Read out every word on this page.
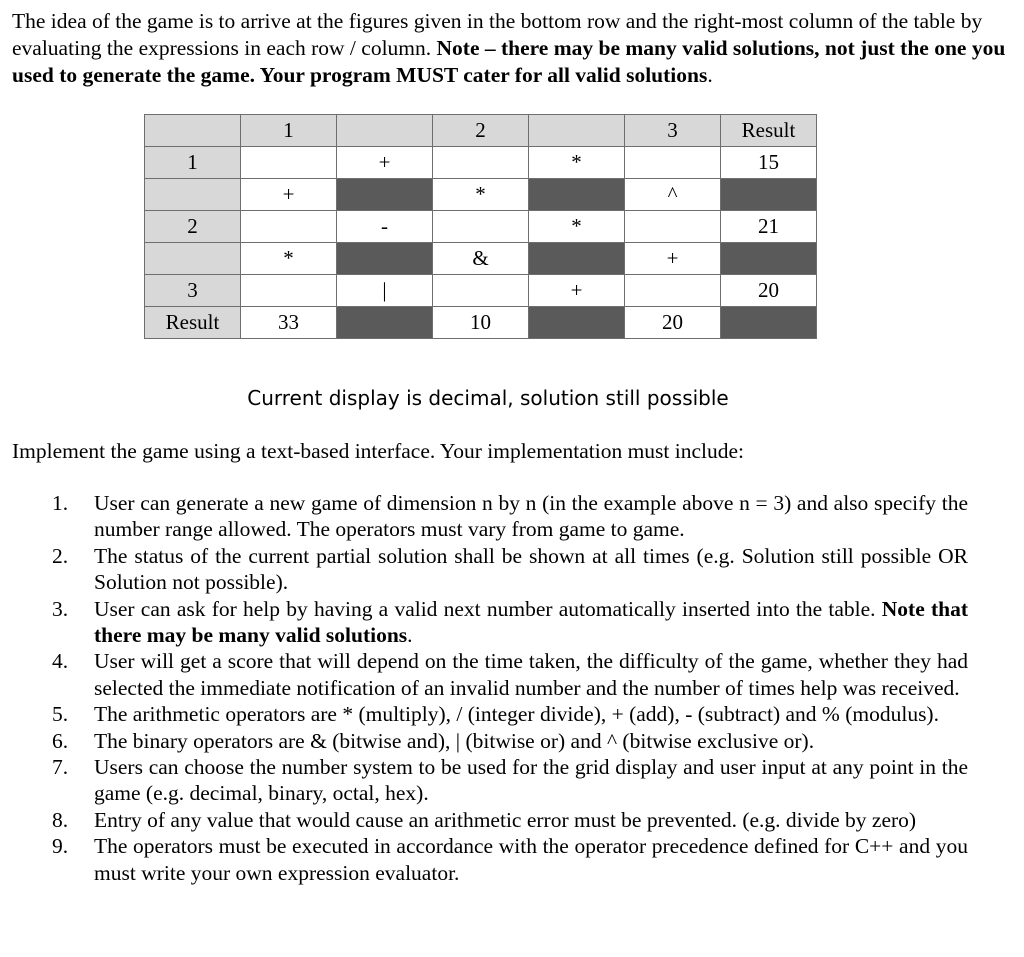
The idea of the game is to arrive at the figures given in the bottom row and the right-most column of the table by evaluating the expressions in each row / column. Note – there may be many valid solutions, not just the one you used to generate the game. Your program MUST cater for all valid solutions.

	1		2		3	Result
1		+		*		15
	+		*		^	
2		-		*		21
	*		&		+	
3		|		+		20
Result	33		10		20	
Current display is decimal, solution still possible

Implement the game using a text-based interface. Your implementation must include:

1. User can generate a new game of dimension n by n (in the example above n = 3) and also specify the number range allowed. The operators must vary from game to game.
2. The status of the current partial solution shall be shown at all times (e.g. Solution still possible OR Solution not possible).
3. User can ask for help by having a valid next number automatically inserted into the table. Note that there may be many valid solutions.
4. User will get a score that will depend on the time taken, the difficulty of the game, whether they had selected the immediate notification of an invalid number and the number of times help was received.
5. The arithmetic operators are * (multiply), / (integer divide), + (add), - (subtract) and % (modulus).
6. The binary operators are & (bitwise and), | (bitwise or) and ^ (bitwise exclusive or).
7. Users can choose the number system to be used for the grid display and user input at any point in the game (e.g. decimal, binary, octal, hex).
8. Entry of any value that would cause an arithmetic error must be prevented. (e.g. divide by zero)
9. The operators must be executed in accordance with the operator precedence defined for C++ and you must write your own expression evaluator.
